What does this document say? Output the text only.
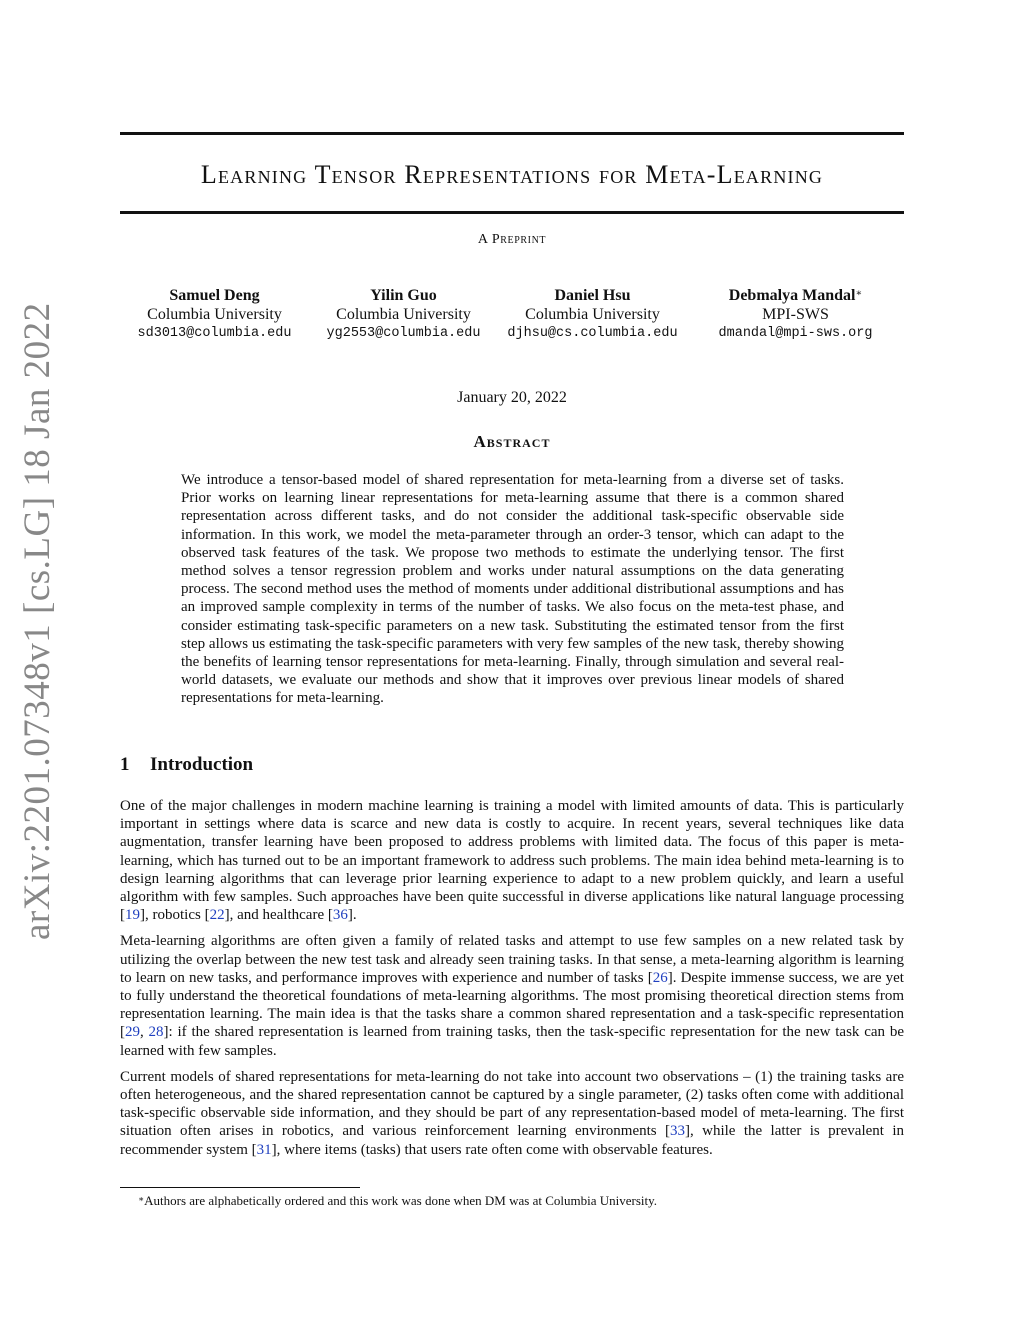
arXiv:2201.07348v1 [cs.LG] 18 Jan 2022
Learning Tensor Representations for Meta-Learning
A Preprint
Samuel Deng
Columbia University
sd3013@columbia.edu
Yilin Guo
Columbia University
yg2553@columbia.edu
Daniel Hsu
Columbia University
djhsu@cs.columbia.edu
Debmalya Mandal∗
MPI-SWS
dmandal@mpi-sws.org
January 20, 2022
Abstract
We introduce a tensor-based model of shared representation for meta-learning from a diverse set of tasks. Prior works on learning linear representations for meta-learning assume that there is a common shared representation across different tasks, and do not consider the additional task-specific observable side information. In this work, we model the meta-parameter through an order-3 tensor, which can adapt to the observed task features of the task. We propose two methods to estimate the underlying tensor. The first method solves a tensor regression problem and works under natural assumptions on the data generating process. The second method uses the method of moments under additional distributional assumptions and has an improved sample complexity in terms of the number of tasks. We also focus on the meta-test phase, and consider estimating task-specific parameters on a new task. Substituting the estimated tensor from the first step allows us estimating the task-specific parameters with very few samples of the new task, thereby showing the benefits of learning tensor representations for meta-learning. Finally, through simulation and several real-world datasets, we evaluate our methods and show that it improves over previous linear models of shared representations for meta-learning.
1 Introduction

One of the major challenges in modern machine learning is training a model with limited amounts of data. This is particularly important in settings where data is scarce and new data is costly to acquire. In recent years, several techniques like data augmentation, transfer learning have been proposed to address problems with limited data. The focus of this paper is meta-learning, which has turned out to be an important framework to address such problems. The main idea behind meta-learning is to design learning algorithms that can leverage prior learning experience to adapt to a new problem quickly, and learn a useful algorithm with few samples. Such approaches have been quite successful in diverse applications like natural language processing [19], robotics [22], and healthcare [36].

Meta-learning algorithms are often given a family of related tasks and attempt to use few samples on a new related task by utilizing the overlap between the new test task and already seen training tasks. In that sense, a meta-learning algorithm is learning to learn on new tasks, and performance improves with experience and number of tasks [26]. Despite immense success, we are yet to fully understand the theoretical foundations of meta-learning algorithms. The most promising theoretical direction stems from representation learning. The main idea is that the tasks share a common shared representation and a task-specific representation [29, 28]: if the shared representation is learned from training tasks, then the task-specific representation for the new task can be learned with few samples.

Current models of shared representations for meta-learning do not take into account two observations – (1) the training tasks are often heterogeneous, and the shared representation cannot be captured by a single parameter, (2) tasks often come with additional task-specific observable side information, and they should be part of any representation-based model of meta-learning. The first situation often arises in robotics, and various reinforcement learning environments [33], while the latter is prevalent in recommender system [31], where items (tasks) that users rate often come with observable features.

∗Authors are alphabetically ordered and this work was done when DM was at Columbia University.
